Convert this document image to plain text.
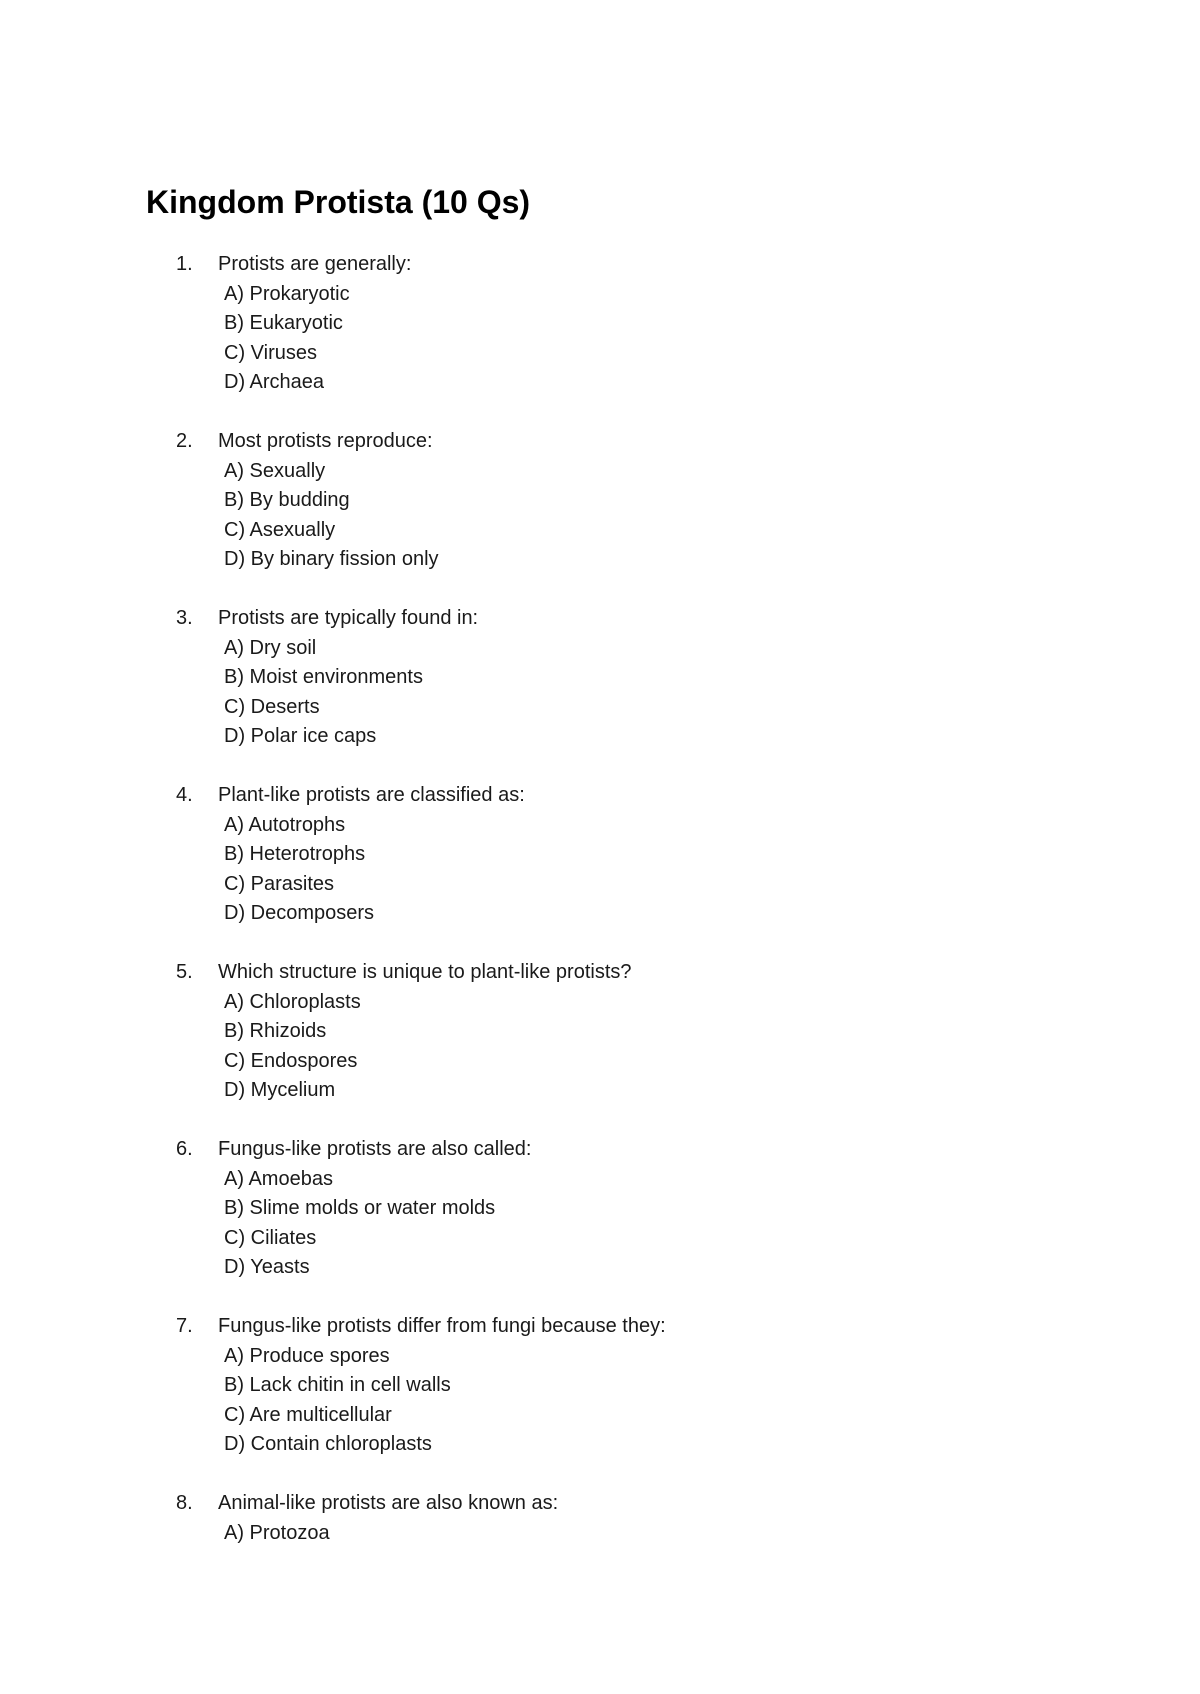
Kingdom Protista (10 Qs)
1.	Protists are generally:
A) Prokaryotic
B) Eukaryotic
C) Viruses
D) Archaea
2.	Most protists reproduce:
A) Sexually
B) By budding
C) Asexually
D) By binary fission only
3.	Protists are typically found in:
A) Dry soil
B) Moist environments
C) Deserts
D) Polar ice caps
4.	Plant-like protists are classified as:
A) Autotrophs
B) Heterotrophs
C) Parasites
D) Decomposers
5.	Which structure is unique to plant-like protists?
A) Chloroplasts
B) Rhizoids
C) Endospores
D) Mycelium
6.	Fungus-like protists are also called:
A) Amoebas
B) Slime molds or water molds
C) Ciliates
D) Yeasts
7.	Fungus-like protists differ from fungi because they:
A) Produce spores
B) Lack chitin in cell walls
C) Are multicellular
D) Contain chloroplasts
8.	Animal-like protists are also known as:
A) Protozoa
